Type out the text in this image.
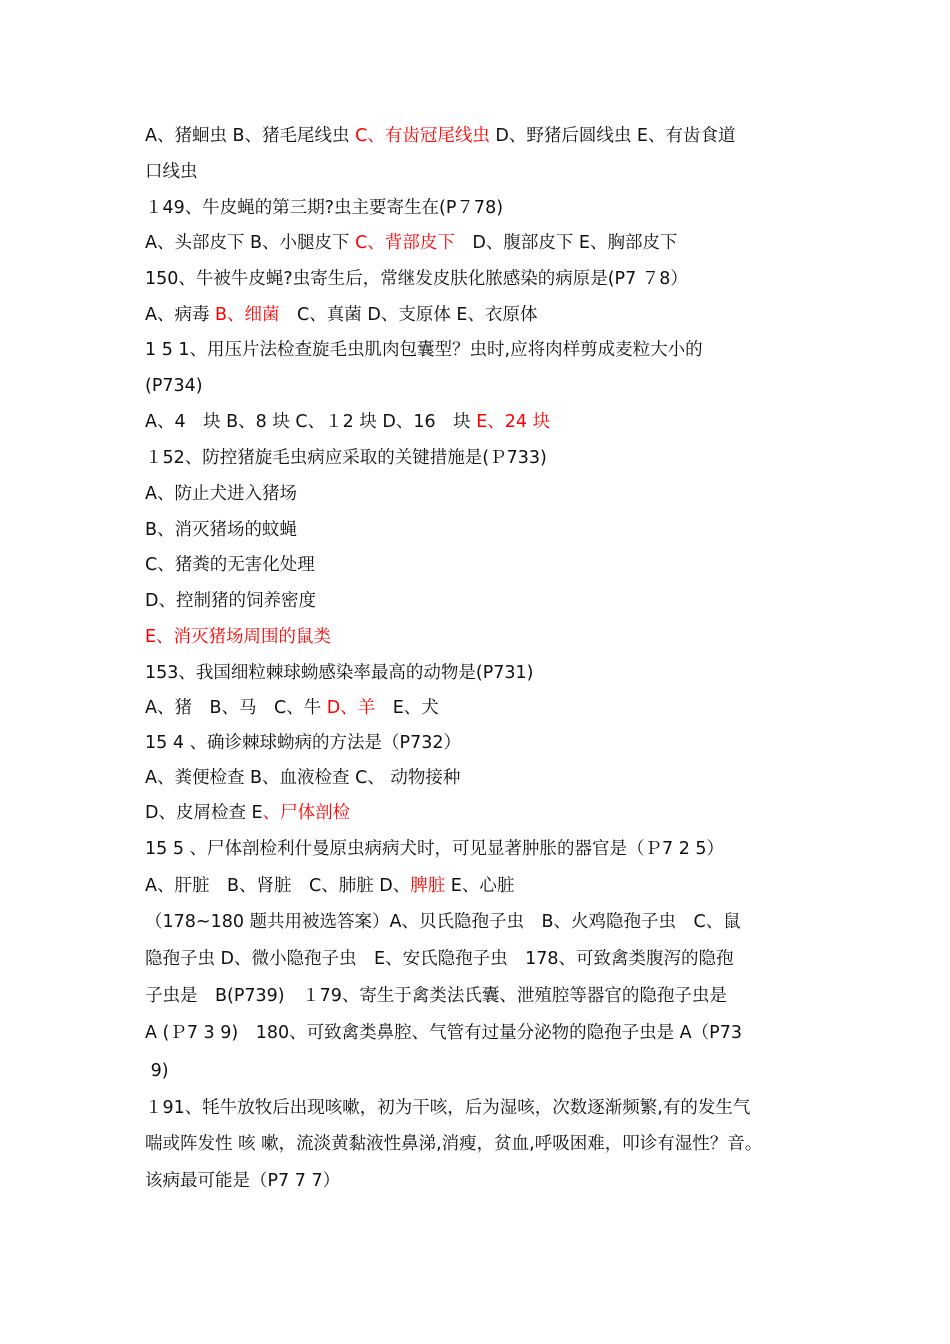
A、猪蛔虫 B、猪毛尾线虫 C、有齿冠尾线虫 D、野猪后圆线虫 E、有齿食道
口线虫
１49、牛皮蝇的第三期?虫主要寄生在(P７78)
A、头部皮下 B、小腿皮下 C、背部皮下　D、腹部皮下 E、胸部皮下
150、牛被牛皮蝇?虫寄生后，常继发皮肤化脓感染的病原是(P7 ７8）
A、病毒 B、细菌　C、真菌 D、支原体 E、衣原体
1 5 1、用压片法检查旋毛虫肌肉包囊型？虫时,应将肉样剪成麦粒大小的
(P734)
A、4　块 B、8 块 C、１2 块 D、16　块 E、24 块
１52、防控猪旋毛虫病应采取的关键措施是(Ｐ733)
A、防止犬进入猪场
B、消灭猪场的蚊蝇
C、猪粪的无害化处理
D、控制猪的饲养密度
E、消灭猪场周围的鼠类
153、我国细粒棘球蚴感染率最高的动物是(P731)
A、猪　B、马　C、牛 D、羊　E、犬
15 4 、确诊棘球蚴病的方法是（P732）
A、粪便检查 B、血液检查 C、 动物接种
D、皮屑检查 E、尸体剖检
15 5 、尸体剖检利什曼原虫病病犬时，可见显著肿胀的器官是（Ｐ7 2 5）
A、肝脏　B、肾脏　C、肺脏 D、脾脏 E、心脏
（178~180 题共用被选答案）A、贝氏隐孢子虫　B、火鸡隐孢子虫　C、鼠
隐孢子虫 D、微小隐孢子虫　E、安氏隐孢子虫　178、可致禽类腹泻的隐孢
子虫是　B(P739)　１79、寄生于禽类法氏囊、泄殖腔等器官的隐孢子虫是
A (Ｐ7 3 9)　180、可致禽类鼻腔、气管有过量分泌物的隐孢子虫是 A（P73
9)
１91、牦牛放牧后出现咳嗽，初为干咳，后为湿咳，次数逐渐频繁,有的发生气
喘或阵发性 咳 嗽，流淡黄黏液性鼻涕,消瘦，贫血,呼吸困难，叩诊有湿性？音。
该病最可能是（P7 7 7）
